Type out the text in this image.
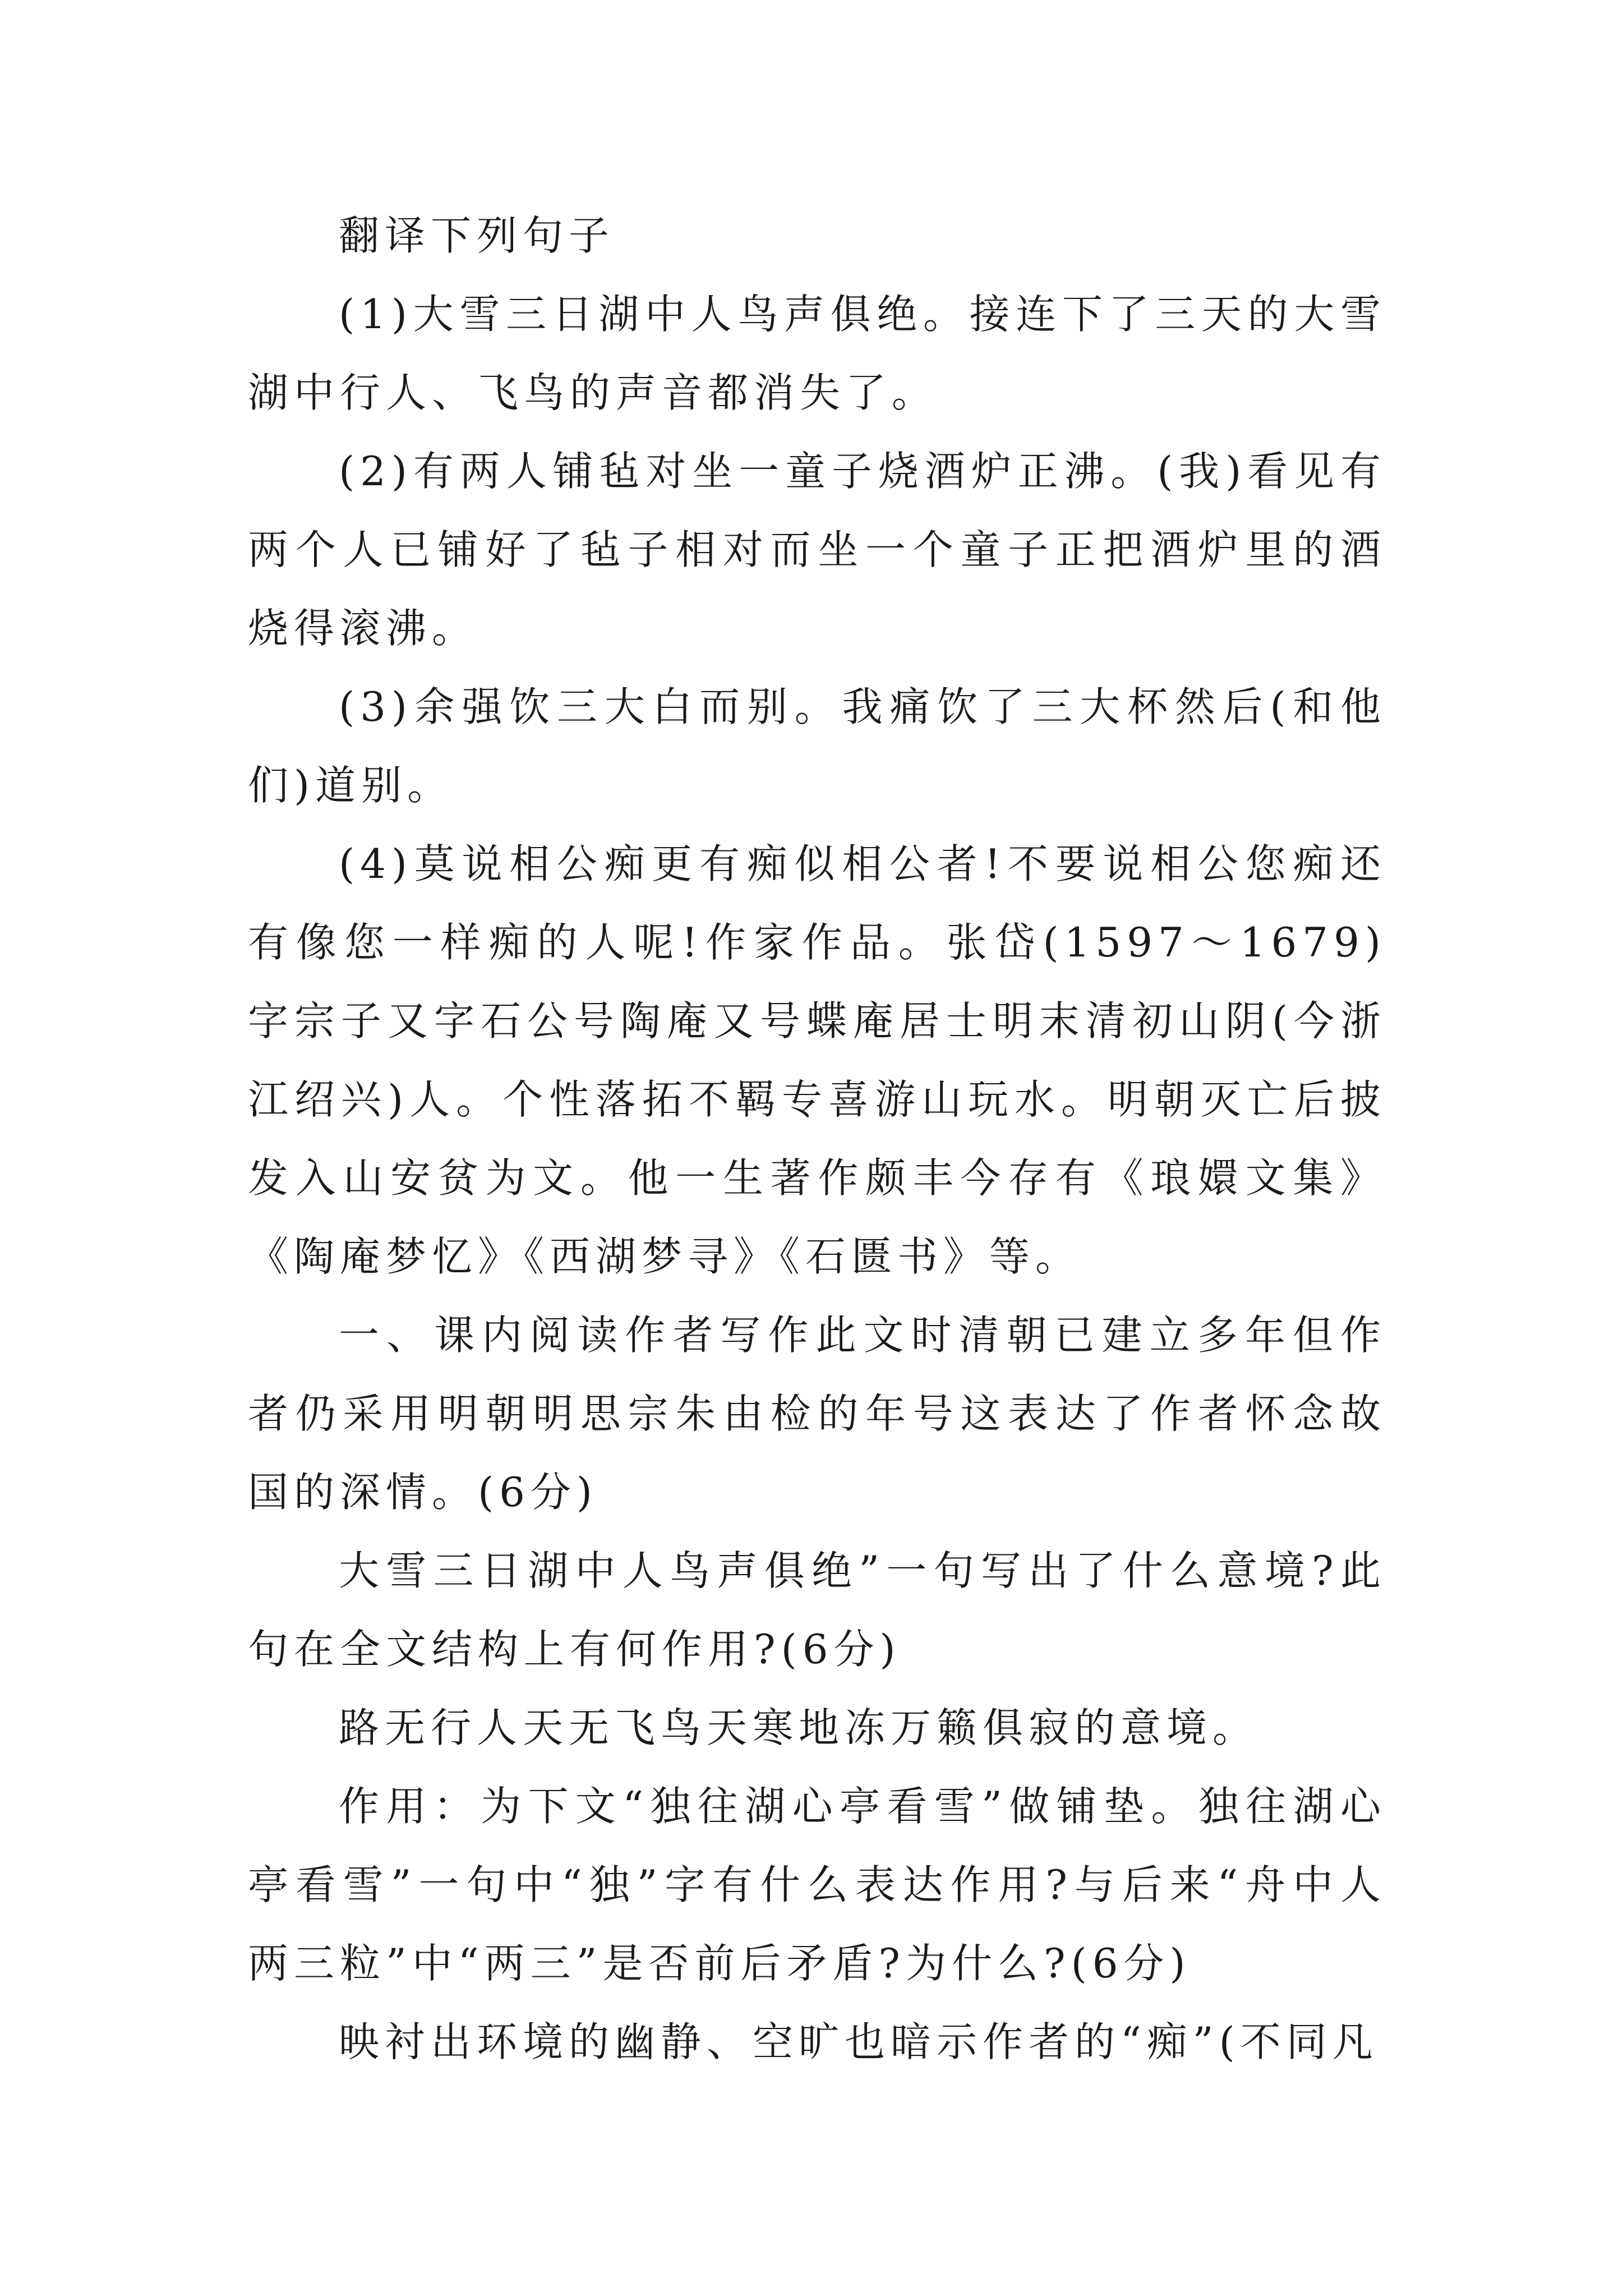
翻译下列句子

(1)大雪三日湖中人鸟声俱绝。接连下了三天的大雪湖中行人、飞鸟的声音都消失了。

(2)有两人铺毡对坐一童子烧酒炉正沸。(我)看见有两个人已铺好了毡子相对而坐一个童子正把酒炉里的酒烧得滚沸。

(3)余强饮三大白而别。我痛饮了三大杯然后(和他们)道别。

(4)莫说相公痴更有痴似相公者!不要说相公您痴还有像您一样痴的人呢!作家作品。张岱(1597～1679)字宗子又字石公号陶庵又号蝶庵居士明末清初山阴(今浙江绍兴)人。个性落拓不羁专喜游山玩水。明朝灭亡后披发入山安贫为文。他一生著作颇丰今存有《琅嬛文集》《陶庵梦忆》《西湖梦寻》《石匮书》等。

一、课内阅读作者写作此文时清朝已建立多年但作者仍采用明朝明思宗朱由检的年号这表达了作者怀念故国的深情。(6分)

大雪三日湖中人鸟声俱绝”一句写出了什么意境?此句在全文结构上有何作用?(6分)

路无行人天无飞鸟天寒地冻万籁俱寂的意境。

作用：为下文“独往湖心亭看雪”做铺垫。独往湖心亭看雪”一句中“独”字有什么表达作用?与后来“舟中人两三粒”中“两三”是否前后矛盾?为什么?(6分)

映衬出环境的幽静、空旷也暗示作者的“痴”(不同凡
